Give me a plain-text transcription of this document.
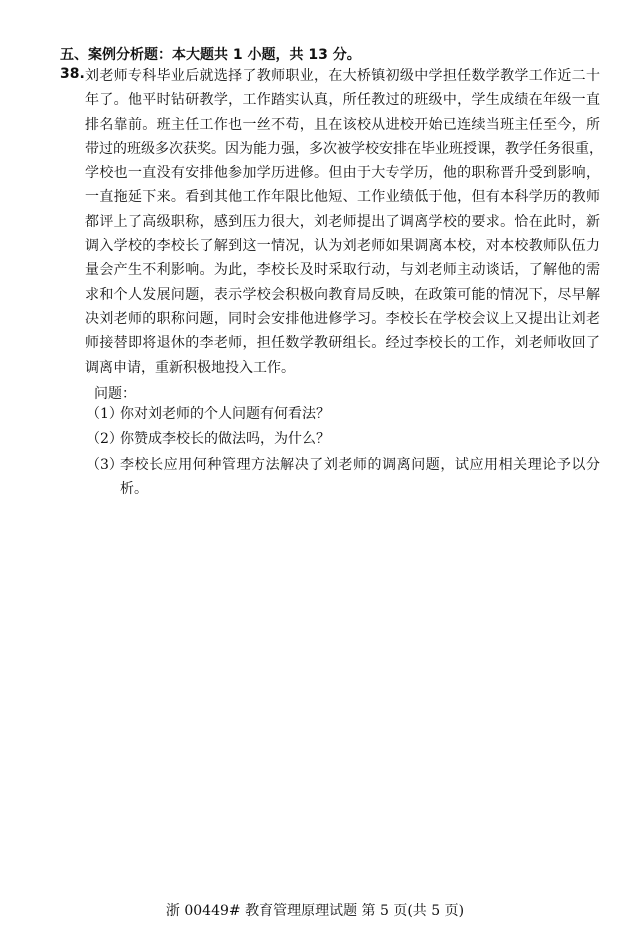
五、案例分析题：本大题共 1 小题，共 13 分。
38. 刘老师专科毕业后就选择了教师职业，在大桥镇初级中学担任数学教学工作近二十
年了。他平时钻研教学，工作踏实认真，所任教过的班级中，学生成绩在年级一直
排名靠前。班主任工作也一丝不苟，且在该校从进校开始已连续当班主任至今，所
带过的班级多次获奖。因为能力强，多次被学校安排在毕业班授课，教学任务很重，
学校也一直没有安排他参加学历进修。但由于大专学历，他的职称晋升受到影响，
一直拖延下来。看到其他工作年限比他短、工作业绩低于他，但有本科学历的教师
都评上了高级职称，感到压力很大，刘老师提出了调离学校的要求。恰在此时，新
调入学校的李校长了解到这一情况，认为刘老师如果调离本校，对本校教师队伍力
量会产生不利影响。为此，李校长及时采取行动，与刘老师主动谈话，了解他的需
求和个人发展问题，表示学校会积极向教育局反映，在政策可能的情况下，尽早解
决刘老师的职称问题，同时会安排他进修学习。李校长在学校会议上又提出让刘老
师接替即将退休的李老师，担任数学教研组长。经过李校长的工作，刘老师收回了
调离申请，重新积极地投入工作。
问题：
（1）
你对刘老师的个人问题有何看法？
（2）
你赞成李校长的做法吗，为什么？
（3）
李校长应用何种管理方法解决了刘老师的调离问题，试应用相关理论予以分
析。
浙 00449# 教育管理原理试题 第 5 页(共 5 页)
